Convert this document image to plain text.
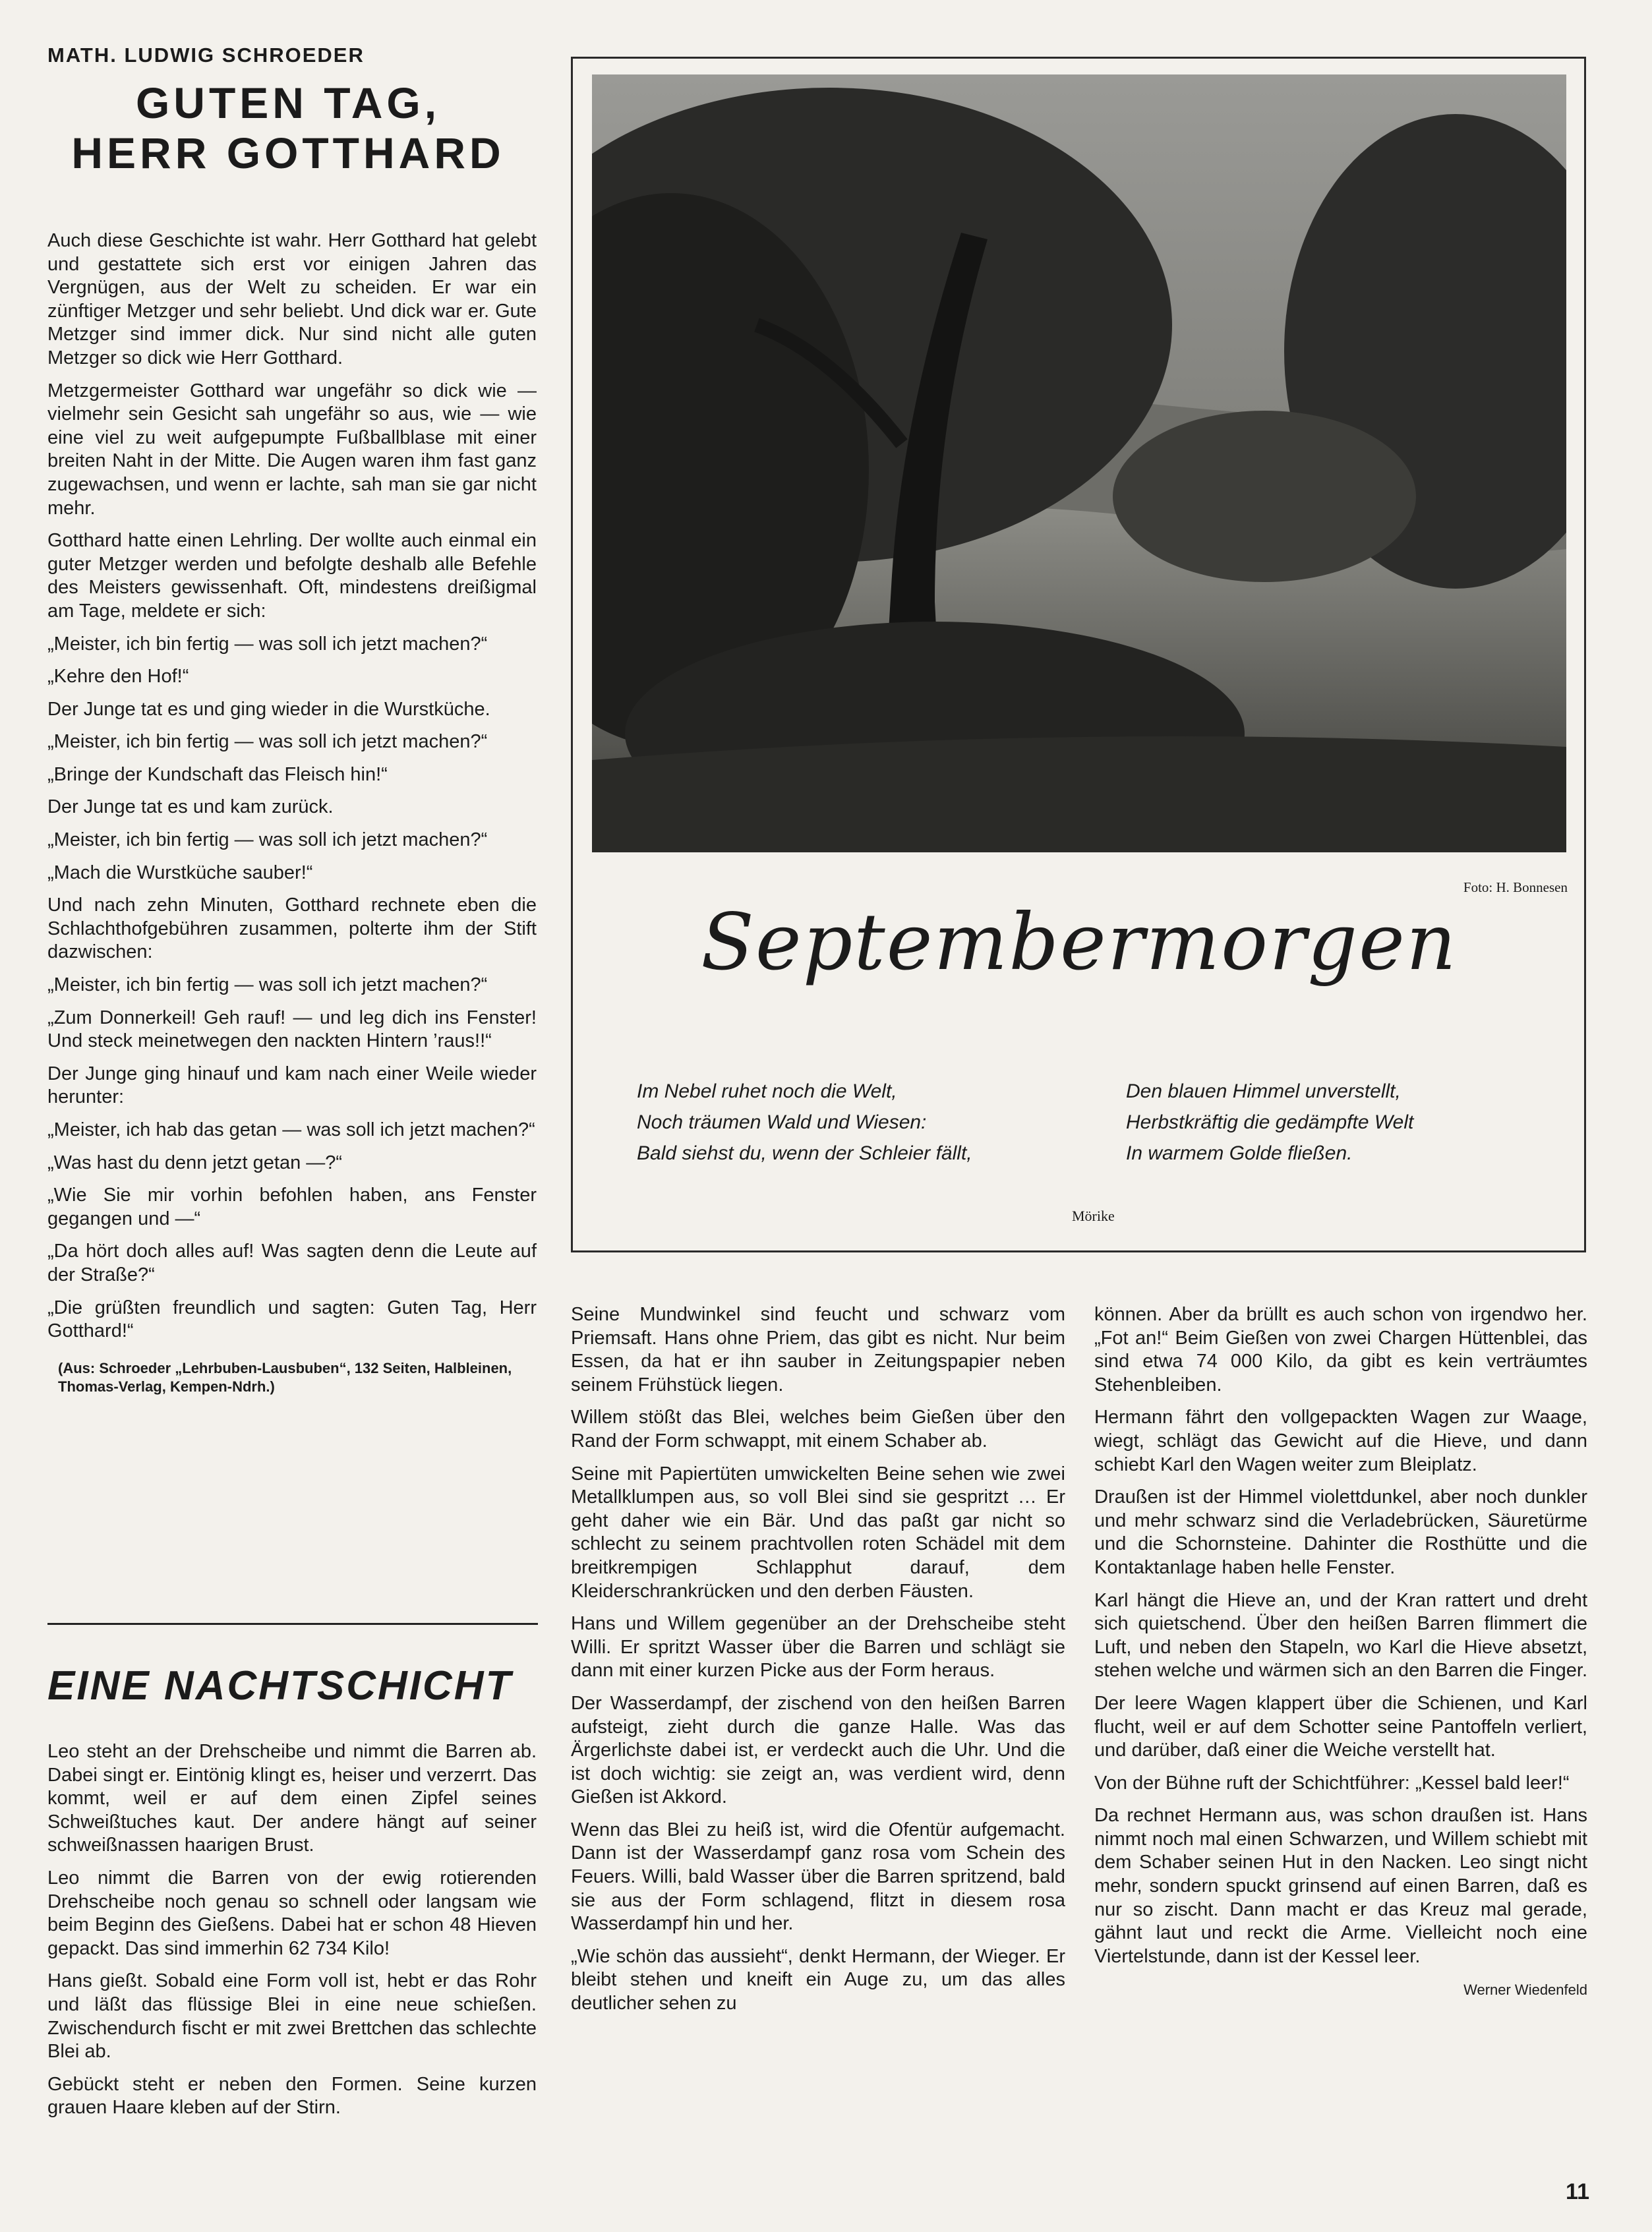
MATH. LUDWIG SCHROEDER
GUTEN TAG,
HERR GOTTHARD

Auch diese Geschichte ist wahr. Herr Gotthard hat gelebt und gestattete sich erst vor einigen Jahren das Vergnügen, aus der Welt zu scheiden. Er war ein zünftiger Metzger und sehr beliebt. Und dick war er. Gute Metzger sind immer dick. Nur sind nicht alle guten Metzger so dick wie Herr Gotthard.

Metzgermeister Gotthard war ungefähr so dick wie — vielmehr sein Gesicht sah ungefähr so aus, wie — wie eine viel zu weit aufgepumpte Fußballblase mit einer breiten Naht in der Mitte. Die Augen waren ihm fast ganz zugewachsen, und wenn er lachte, sah man sie gar nicht mehr.

Gotthard hatte einen Lehrling. Der wollte auch einmal ein guter Metzger werden und befolgte deshalb alle Befehle des Meisters gewissenhaft. Oft, mindestens dreißigmal am Tage, meldete er sich:

„Meister, ich bin fertig — was soll ich jetzt machen?“

„Kehre den Hof!“

Der Junge tat es und ging wieder in die Wurstküche.

„Meister, ich bin fertig — was soll ich jetzt machen?“

„Bringe der Kundschaft das Fleisch hin!“

Der Junge tat es und kam zurück.

„Meister, ich bin fertig — was soll ich jetzt machen?“

„Mach die Wurstküche sauber!“

Und nach zehn Minuten, Gotthard rechnete eben die Schlachthofgebühren zusammen, polterte ihm der Stift dazwischen:

„Meister, ich bin fertig — was soll ich jetzt machen?“

„Zum Donnerkeil! Geh rauf! — und leg dich ins Fenster! Und steck meinetwegen den nackten Hintern ’raus!!“

Der Junge ging hinauf und kam nach einer Weile wieder herunter:

„Meister, ich hab das getan — was soll ich jetzt machen?“

„Was hast du denn jetzt getan —?“

„Wie Sie mir vorhin befohlen haben, ans Fenster gegangen und —“

„Da hört doch alles auf! Was sagten denn die Leute auf der Straße?“

„Die grüßten freundlich und sagten: Guten Tag, Herr Gotthard!“

(Aus: Schroeder „Lehrbuben-Lausbuben“, 132 Seiten, Halbleinen, Thomas-Verlag, Kempen-Ndrh.)
Foto: H. Bonnesen
Septembermorgen
Im Nebel ruhet noch die Welt,
Noch träumen Wald und Wiesen:
Bald siehst du, wenn der Schleier fällt,
Den blauen Himmel unverstellt,
Herbstkräftig die gedämpfte Welt
In warmem Golde fließen.
Mörike
EINE NACHTSCHICHT

Leo steht an der Drehscheibe und nimmt die Barren ab. Dabei singt er. Eintönig klingt es, heiser und verzerrt. Das kommt, weil er auf dem einen Zipfel seines Schweißtuches kaut. Der andere hängt auf seiner schweißnassen haarigen Brust.

Leo nimmt die Barren von der ewig rotierenden Drehscheibe noch genau so schnell oder langsam wie beim Beginn des Gießens. Dabei hat er schon 48 Hieven gepackt. Das sind immerhin 62 734 Kilo!

Hans gießt. Sobald eine Form voll ist, hebt er das Rohr und läßt das flüssige Blei in eine neue schießen. Zwischendurch fischt er mit zwei Brettchen das schlechte Blei ab.

Gebückt steht er neben den Formen. Seine kurzen grauen Haare kleben auf der Stirn.

Seine Mundwinkel sind feucht und schwarz vom Priemsaft. Hans ohne Priem, das gibt es nicht. Nur beim Essen, da hat er ihn sauber in Zeitungspapier neben seinem Frühstück liegen.

Willem stößt das Blei, welches beim Gießen über den Rand der Form schwappt, mit einem Schaber ab.

Seine mit Papiertüten umwickelten Beine sehen wie zwei Metallklumpen aus, so voll Blei sind sie gespritzt … Er geht daher wie ein Bär. Und das paßt gar nicht so schlecht zu seinem prachtvollen roten Schädel mit dem breitkrempigen Schlapphut darauf, dem Kleiderschrankrücken und den derben Fäusten.

Hans und Willem gegenüber an der Drehscheibe steht Willi. Er spritzt Wasser über die Barren und schlägt sie dann mit einer kurzen Picke aus der Form heraus.

Der Wasserdampf, der zischend von den heißen Barren aufsteigt, zieht durch die ganze Halle. Was das Ärgerlichste dabei ist, er verdeckt auch die Uhr. Und die ist doch wichtig: sie zeigt an, was verdient wird, denn Gießen ist Akkord.

Wenn das Blei zu heiß ist, wird die Ofentür aufgemacht. Dann ist der Wasserdampf ganz rosa vom Schein des Feuers. Willi, bald Wasser über die Barren spritzend, bald sie aus der Form schlagend, flitzt in diesem rosa Wasserdampf hin und her.

„Wie schön das aussieht“, denkt Hermann, der Wieger. Er bleibt stehen und kneift ein Auge zu, um das alles deutlicher sehen zu

können. Aber da brüllt es auch schon von irgendwo her. „Fot an!“ Beim Gießen von zwei Chargen Hüttenblei, das sind etwa 74 000 Kilo, da gibt es kein verträumtes Stehenbleiben.

Hermann fährt den vollgepackten Wagen zur Waage, wiegt, schlägt das Gewicht auf die Hieve, und dann schiebt Karl den Wagen weiter zum Bleiplatz.

Draußen ist der Himmel violettdunkel, aber noch dunkler und mehr schwarz sind die Verladebrücken, Säuretürme und die Schornsteine. Dahinter die Rosthütte und die Kontaktanlage haben helle Fenster.

Karl hängt die Hieve an, und der Kran rattert und dreht sich quietschend. Über den heißen Barren flimmert die Luft, und neben den Stapeln, wo Karl die Hieve absetzt, stehen welche und wärmen sich an den Barren die Finger.

Der leere Wagen klappert über die Schienen, und Karl flucht, weil er auf dem Schotter seine Pantoffeln verliert, und darüber, daß einer die Weiche verstellt hat.

Von der Bühne ruft der Schichtführer: „Kessel bald leer!“

Da rechnet Hermann aus, was schon draußen ist. Hans nimmt noch mal einen Schwarzen, und Willem schiebt mit dem Schaber seinen Hut in den Nacken. Leo singt nicht mehr, sondern spuckt grinsend auf einen Barren, daß es nur so zischt. Dann macht er das Kreuz mal gerade, gähnt laut und reckt die Arme. Vielleicht noch eine Viertelstunde, dann ist der Kessel leer.

Werner Wiedenfeld
11
